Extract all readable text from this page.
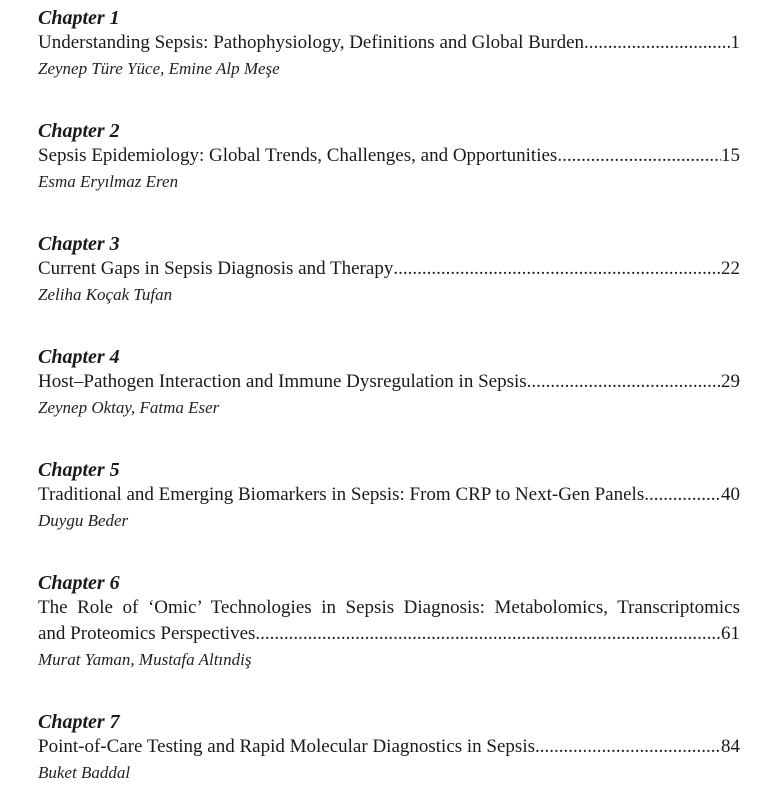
Chapter 1
Understanding Sepsis: Pathophysiology, Definitions and Global Burden .....	1
Zeynep Türe Yüce, Emine Alp Meşe
Chapter 2
Sepsis Epidemiology: Global Trends, Challenges, and Opportunities .....	15
Esma Eryılmaz Eren
Chapter 3
Current Gaps in Sepsis Diagnosis and Therapy .....	22
Zeliha Koçak Tufan
Chapter 4
Host–Pathogen Interaction and Immune Dysregulation in Sepsis .....	29
Zeynep Oktay, Fatma Eser
Chapter 5
Traditional and Emerging Biomarkers in Sepsis: From CRP to Next-Gen Panels .....	40
Duygu Beder
Chapter 6
The Role of ‘Omic’ Technologies in Sepsis Diagnosis: Metabolomics, Transcriptomics
and Proteomics Perspectives .....	61
Murat Yaman, Mustafa Altındiş
Chapter 7
Point-of-Care Testing and Rapid Molecular Diagnostics in Sepsis .....	84
Buket Baddal
